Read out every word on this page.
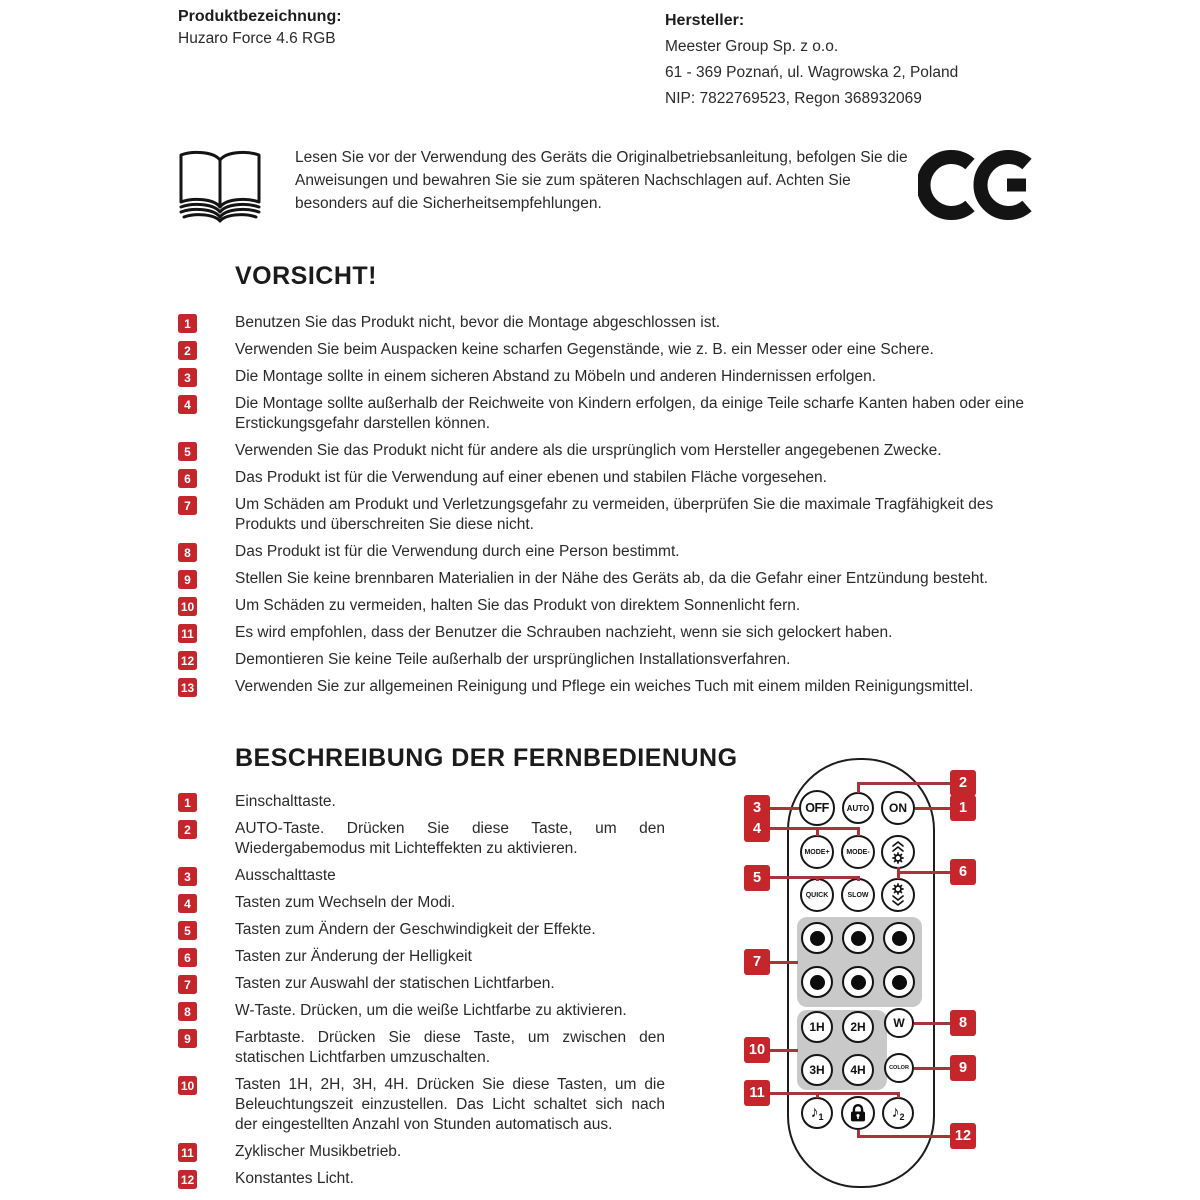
Produktbezeichnung:
Huzaro Force 4.6 RGB
Hersteller:
Meester Group Sp. z o.o.
61 - 369 Poznań, ul. Wagrowska 2, Poland
NIP: 7822769523, Regon 368932069
Lesen Sie vor der Verwendung des Geräts die Originalbetriebsanleitung, befolgen Sie die Anweisungen und bewahren Sie sie zum späteren Nachschlagen auf. Achten Sie besonders auf die Sicherheitsempfehlungen.
VORSICHT!
1	Benutzen Sie das Produkt nicht, bevor die Montage abgeschlossen ist.
2	Verwenden Sie beim Auspacken keine scharfen Gegenstände, wie z. B. ein Messer oder eine Schere.
3	Die Montage sollte in einem sicheren Abstand zu Möbeln und anderen Hindernissen erfolgen.
4	Die Montage sollte außerhalb der Reichweite von Kindern erfolgen, da einige Teile scharfe Kanten haben oder eine Erstickungsgefahr darstellen können.
5	Verwenden Sie das Produkt nicht für andere als die ursprünglich vom Hersteller angegebenen Zwecke.
6	Das Produkt ist für die Verwendung auf einer ebenen und stabilen Fläche vorgesehen.
7	Um Schäden am Produkt und Verletzungsgefahr zu vermeiden, überprüfen Sie die maximale Tragfähigkeit des Produkts und überschreiten Sie diese nicht.
8	Das Produkt ist für die Verwendung durch eine Person bestimmt.
9	Stellen Sie keine brennbaren Materialien in der Nähe des Geräts ab, da die Gefahr einer Entzündung besteht.
10	Um Schäden zu vermeiden, halten Sie das Produkt von direktem Sonnenlicht fern.
11	Es wird empfohlen, dass der Benutzer die Schrauben nachzieht, wenn sie sich gelockert haben.
12	Demontieren Sie keine Teile außerhalb der ursprünglichen Installationsverfahren.
13	Verwenden Sie zur allgemeinen Reinigung und Pflege ein weiches Tuch mit einem milden Reinigungsmittel.
BESCHREIBUNG DER FERNBEDIENUNG
1	Einschalttaste.
2	AUTO-Taste. Drücken Sie diese Taste, um den Wiedergabemodus mit Lichteffekten zu aktivieren.
3	Ausschalttaste
4	Tasten zum Wechseln der Modi.
5	Tasten zum Ändern der Geschwindigkeit der Effekte.
6	Tasten zur Änderung der Helligkeit
7	Tasten zur Auswahl der statischen Lichtfarben.
8	W-Taste. Drücken, um die weiße Lichtfarbe zu aktivieren.
9	Farbtaste. Drücken Sie diese Taste, um zwischen den statischen Lichtfarben umzuschalten.
10	Tasten 1H, 2H, 3H, 4H. Drücken Sie diese Tasten, um die Beleuchtungszeit einzustellen. Das Licht schaltet sich nach der eingestellten Anzahl von Stunden automatisch aus.
11	Zyklischer Musikbetrieb.
12	Konstantes Licht.
OFF	AUTO	ON
MODE+	MODE-
QUICK	SLOW
1H	2H
3H	4H
W
COLOR
♪ 1	♪ 2
3
4
5
7
10
11
2
1
6
8
9
12
